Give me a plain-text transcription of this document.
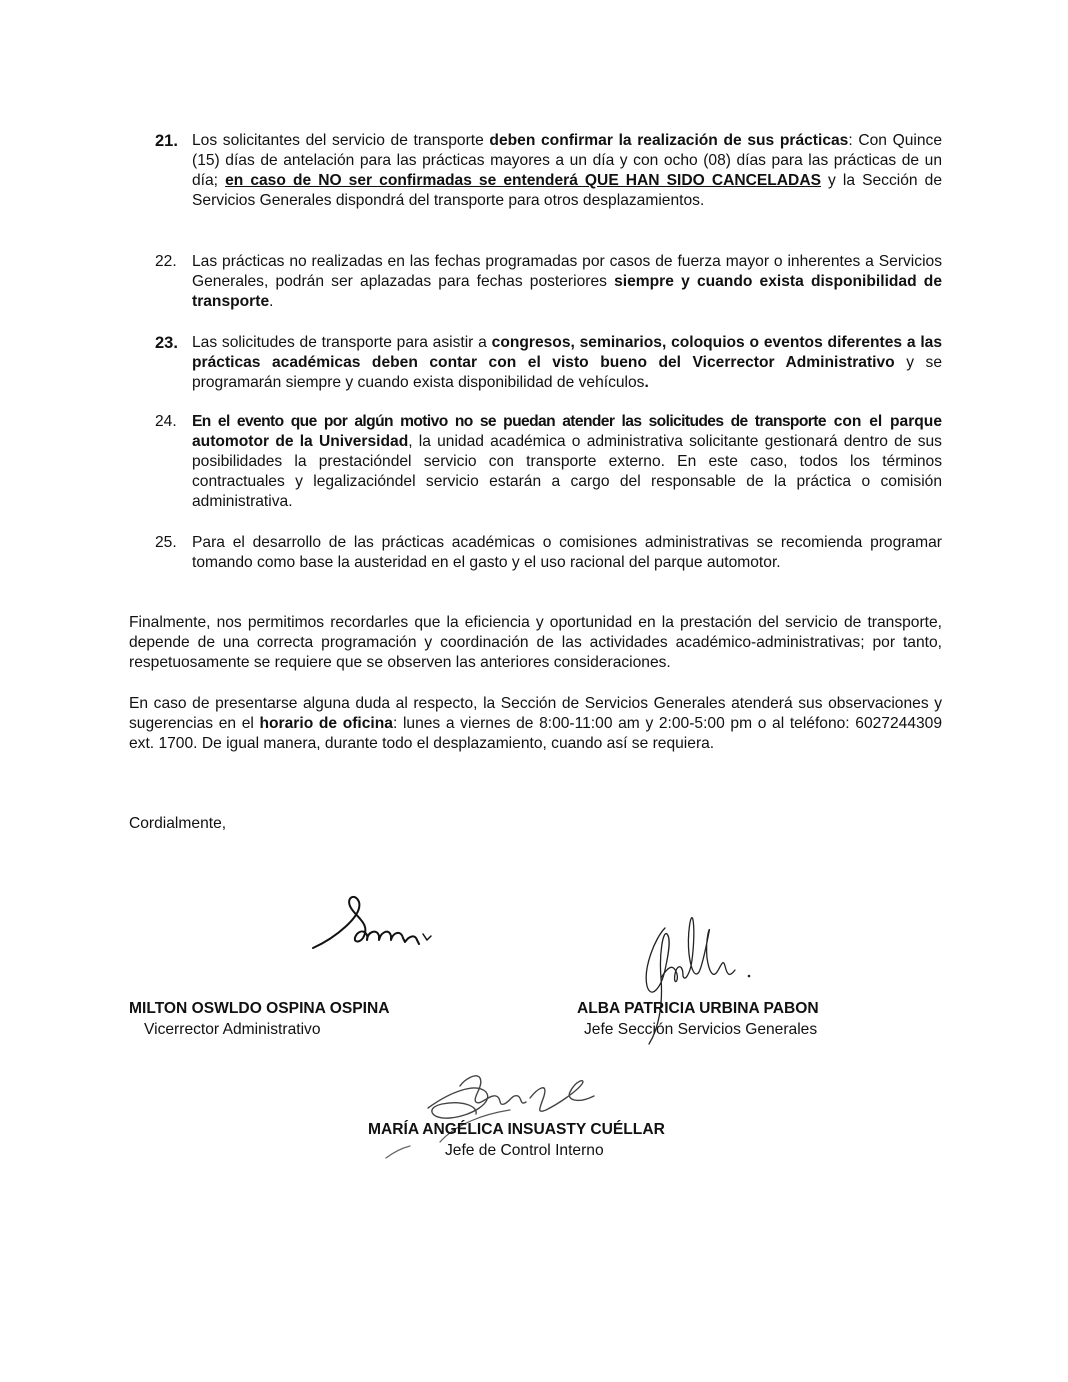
21. Los solicitantes del servicio de transporte deben confirmar la realización de sus prácticas: Con Quince (15) días de antelación para las prácticas mayores a un día y con ocho (08) días para las prácticas de un día; en caso de NO ser confirmadas se entenderá QUE HAN SIDO CANCELADAS y la Sección de Servicios Generales dispondrá del transporte para otros desplazamientos.
22. Las prácticas no realizadas en las fechas programadas por casos de fuerza mayor o inherentes a Servicios Generales, podrán ser aplazadas para fechas posteriores siempre y cuando exista disponibilidad de transporte.
23. Las solicitudes de transporte para asistir a congresos, seminarios, coloquios o eventos diferentes a las prácticas académicas deben contar con el visto bueno del Vicerrector Administrativo y se programarán siempre y cuando exista disponibilidad de vehículos.
24. En el evento que por algún motivo no se puedan atender las solicitudes de transporte con el parque automotor de la Universidad, la unidad académica o administrativa solicitante gestionará dentro de sus posibilidades la prestacióndel servicio con transporte externo. En este caso, todos los términos contractuales y legalizacióndel servicio estarán a cargo del responsable de la práctica o comisión administrativa.
25. Para el desarrollo de las prácticas académicas o comisiones administrativas se recomienda programar tomando como base la austeridad en el gasto y el uso racional del parque automotor.

Finalmente, nos permitimos recordarles que la eficiencia y oportunidad en la prestación del servicio de transporte, depende de una correcta programación y coordinación de las actividades académico-administrativas; por tanto, respetuosamente se requiere que se observen las anteriores consideraciones.

En caso de presentarse alguna duda al respecto, la Sección de Servicios Generales atenderá sus observaciones y sugerencias en el horario de oficina: lunes a viernes de 8:00-11:00 am y 2:00-5:00 pm o al teléfono: 6027244309 ext. 1700. De igual manera, durante todo el desplazamiento, cuando así se requiera.

Cordialmente,
MILTON OSWLDO OSPINA OSPINA
Vicerrector Administrativo
ALBA PATRICIA URBINA PABON
Jefe Sección Servicios Generales
MARÍA ANGÉLICA INSUASTY CUÉLLAR
Jefe de Control Interno
